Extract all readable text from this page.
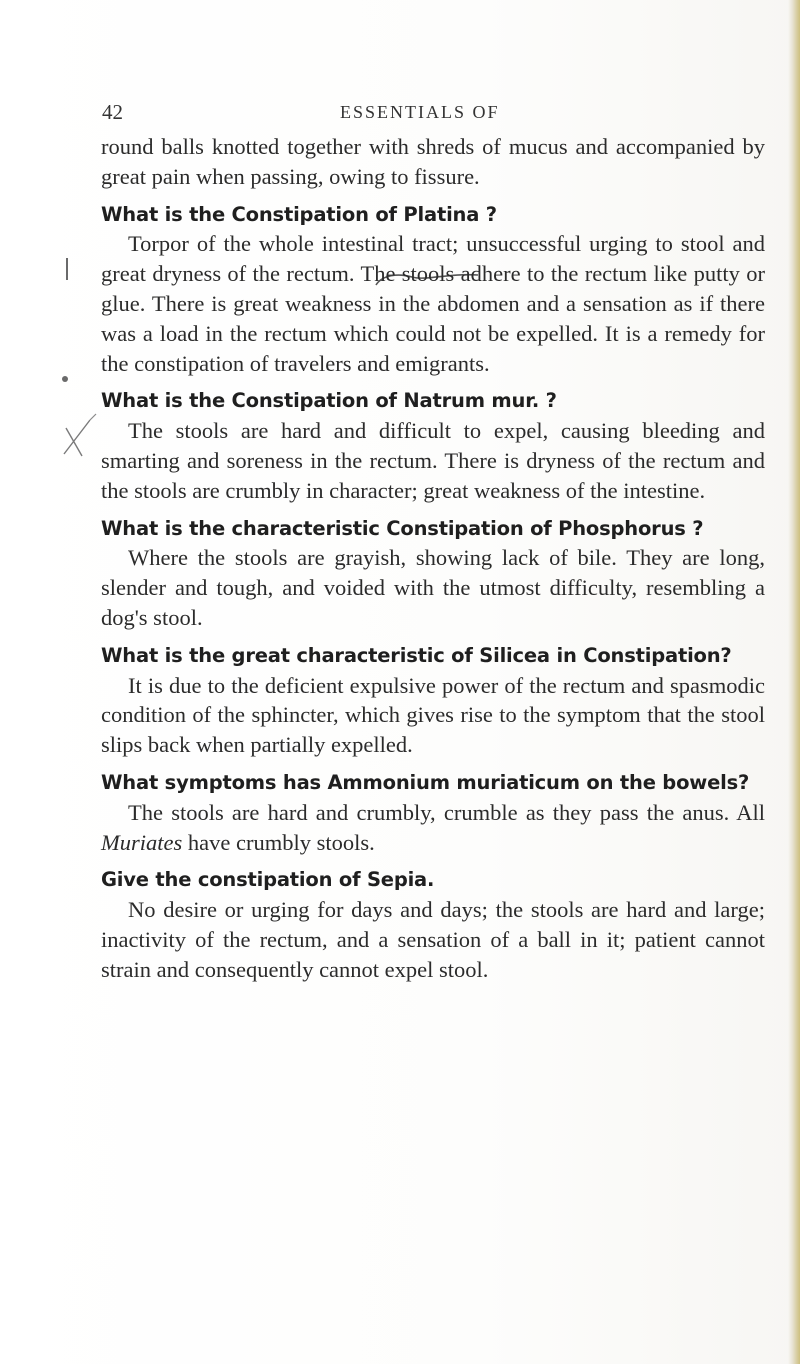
42	ESSENTIALS OF

round balls knotted together with shreds of mucus and accompanied by great pain when passing, owing to fissure.

What is the Constipation of Platina ?

Torpor of the whole intestinal tract; unsuccessful urging to stool and great dryness of the rectum. The stools adhere to the rectum like putty or glue. There is great weakness in the abdomen and a sensation as if there was a load in the rectum which could not be expelled. It is a remedy for the constipation of travelers and emigrants.

What is the Constipation of Natrum mur. ?

The stools are hard and difficult to expel, causing bleeding and smarting and soreness in the rectum. There is dryness of the rectum and the stools are crumbly in character; great weakness of the intestine.

What is the characteristic Constipation of Phosphorus ?

Where the stools are grayish, showing lack of bile. They are long, slender and tough, and voided with the utmost difficulty, resembling a dog's stool.

What is the great characteristic of Silicea in Constipation?

It is due to the deficient expulsive power of the rectum and spasmodic condition of the sphincter, which gives rise to the symptom that the stool slips back when partially expelled.

What symptoms has Ammonium muriaticum on the bowels?

The stools are hard and crumbly, crumble as they pass the anus. All Muriates have crumbly stools.

Give the constipation of Sepia.

No desire or urging for days and days; the stools are hard and large; inactivity of the rectum, and a sensation of a ball in it; patient cannot strain and consequently cannot expel stool.
